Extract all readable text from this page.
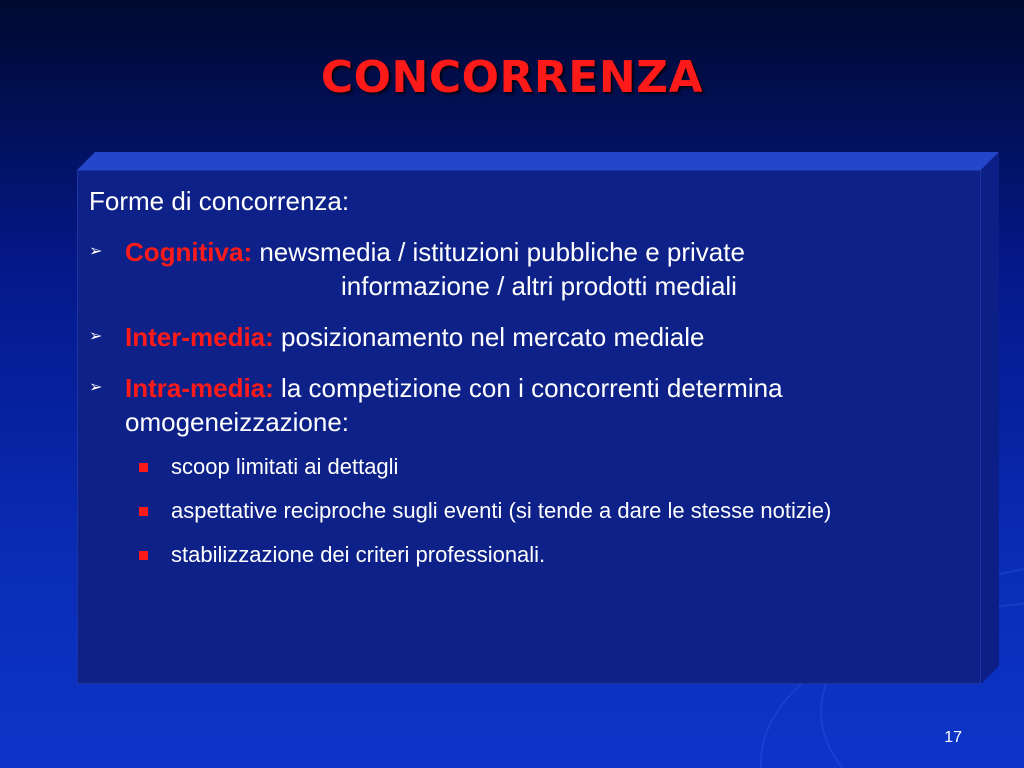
CONCORRENZA
Forme di concorrenza:
➢ Cognitiva: newsmedia / istituzioni pubbliche e private
informazione / altri prodotti mediali
➢ Inter-media: posizionamento nel mercato mediale
➢ Intra-media: la competizione con i concorrenti determina omogeneizzazione:
scoop limitati ai dettagli
aspettative reciproche sugli eventi (si tende a dare le stesse notizie)
stabilizzazione dei criteri professionali.
17
